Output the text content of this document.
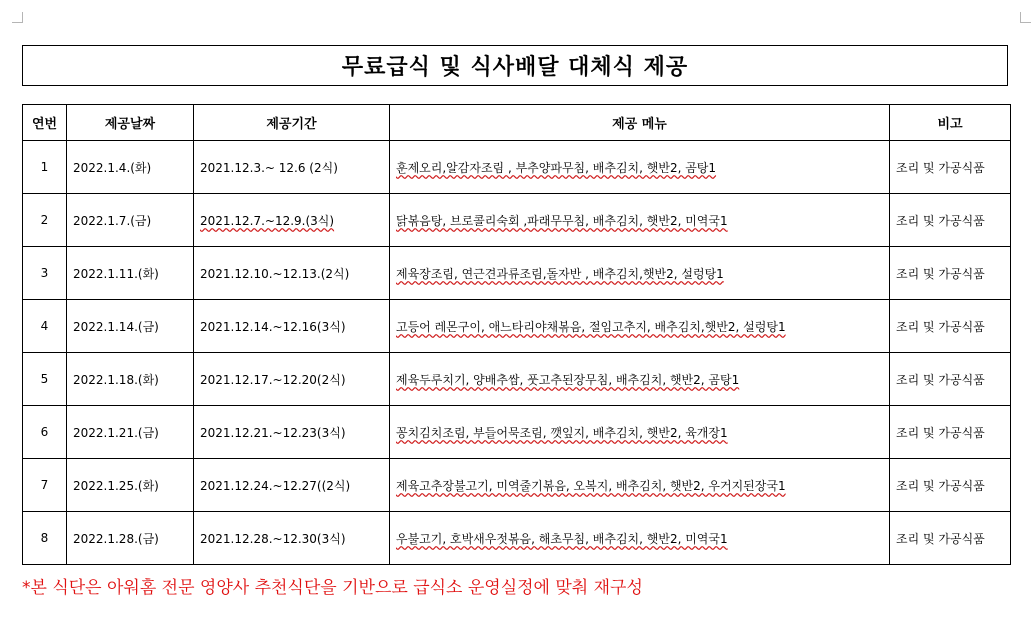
무료급식 및 식사배달 대체식 제공
연번	제공날짜	제공기간	제공 메뉴	비고
1	2022.1.4.(화)	2021.12.3.~ 12.6 (2식)	훈제오리,알감자조림 , 부추양파무침, 배추김치, 햇반2, 곰탕1	조리 및 가공식품
2	2022.1.7.(금)	2021.12.7.~12.9.(3식)	닭볶음탕, 브로콜리숙회 ,파래무무침, 배추김치, 햇반2, 미역국1	조리 및 가공식품
3	2022.1.11.(화)	2021.12.10.~12.13.(2식)	제육장조림, 연근견과류조림,돌자반 , 배추김치,햇반2, 설렁탕1	조리 및 가공식품
4	2022.1.14.(금)	2021.12.14.~12.16(3식)	고등어 레몬구이, 애느타리야채볶음, 절임고추지, 배추김치,햇반2, 설렁탕1	조리 및 가공식품
5	2022.1.18.(화)	2021.12.17.~12.20(2식)	제육두루치기, 양배추쌈, 풋고추된장무침, 배추김치, 햇반2, 곰탕1	조리 및 가공식품
6	2022.1.21.(금)	2021.12.21.~12.23(3식)	꽁치김치조림, 부들어묵조림, 깻잎지, 배추김치, 햇반2, 육개장1	조리 및 가공식품
7	2022.1.25.(화)	2021.12.24.~12.27((2식)	제육고추장불고기, 미역줄기볶음, 오복지, 배추김치, 햇반2, 우거지된장국1	조리 및 가공식품
8	2022.1.28.(금)	2021.12.28.~12.30(3식)	우불고기, 호박새우젓볶음, 해초무침, 배추김치, 햇반2, 미역국1	조리 및 가공식품
*본 식단은 아워홈 전문 영양사 추천식단을 기반으로 급식소 운영실정에 맞춰 재구성
